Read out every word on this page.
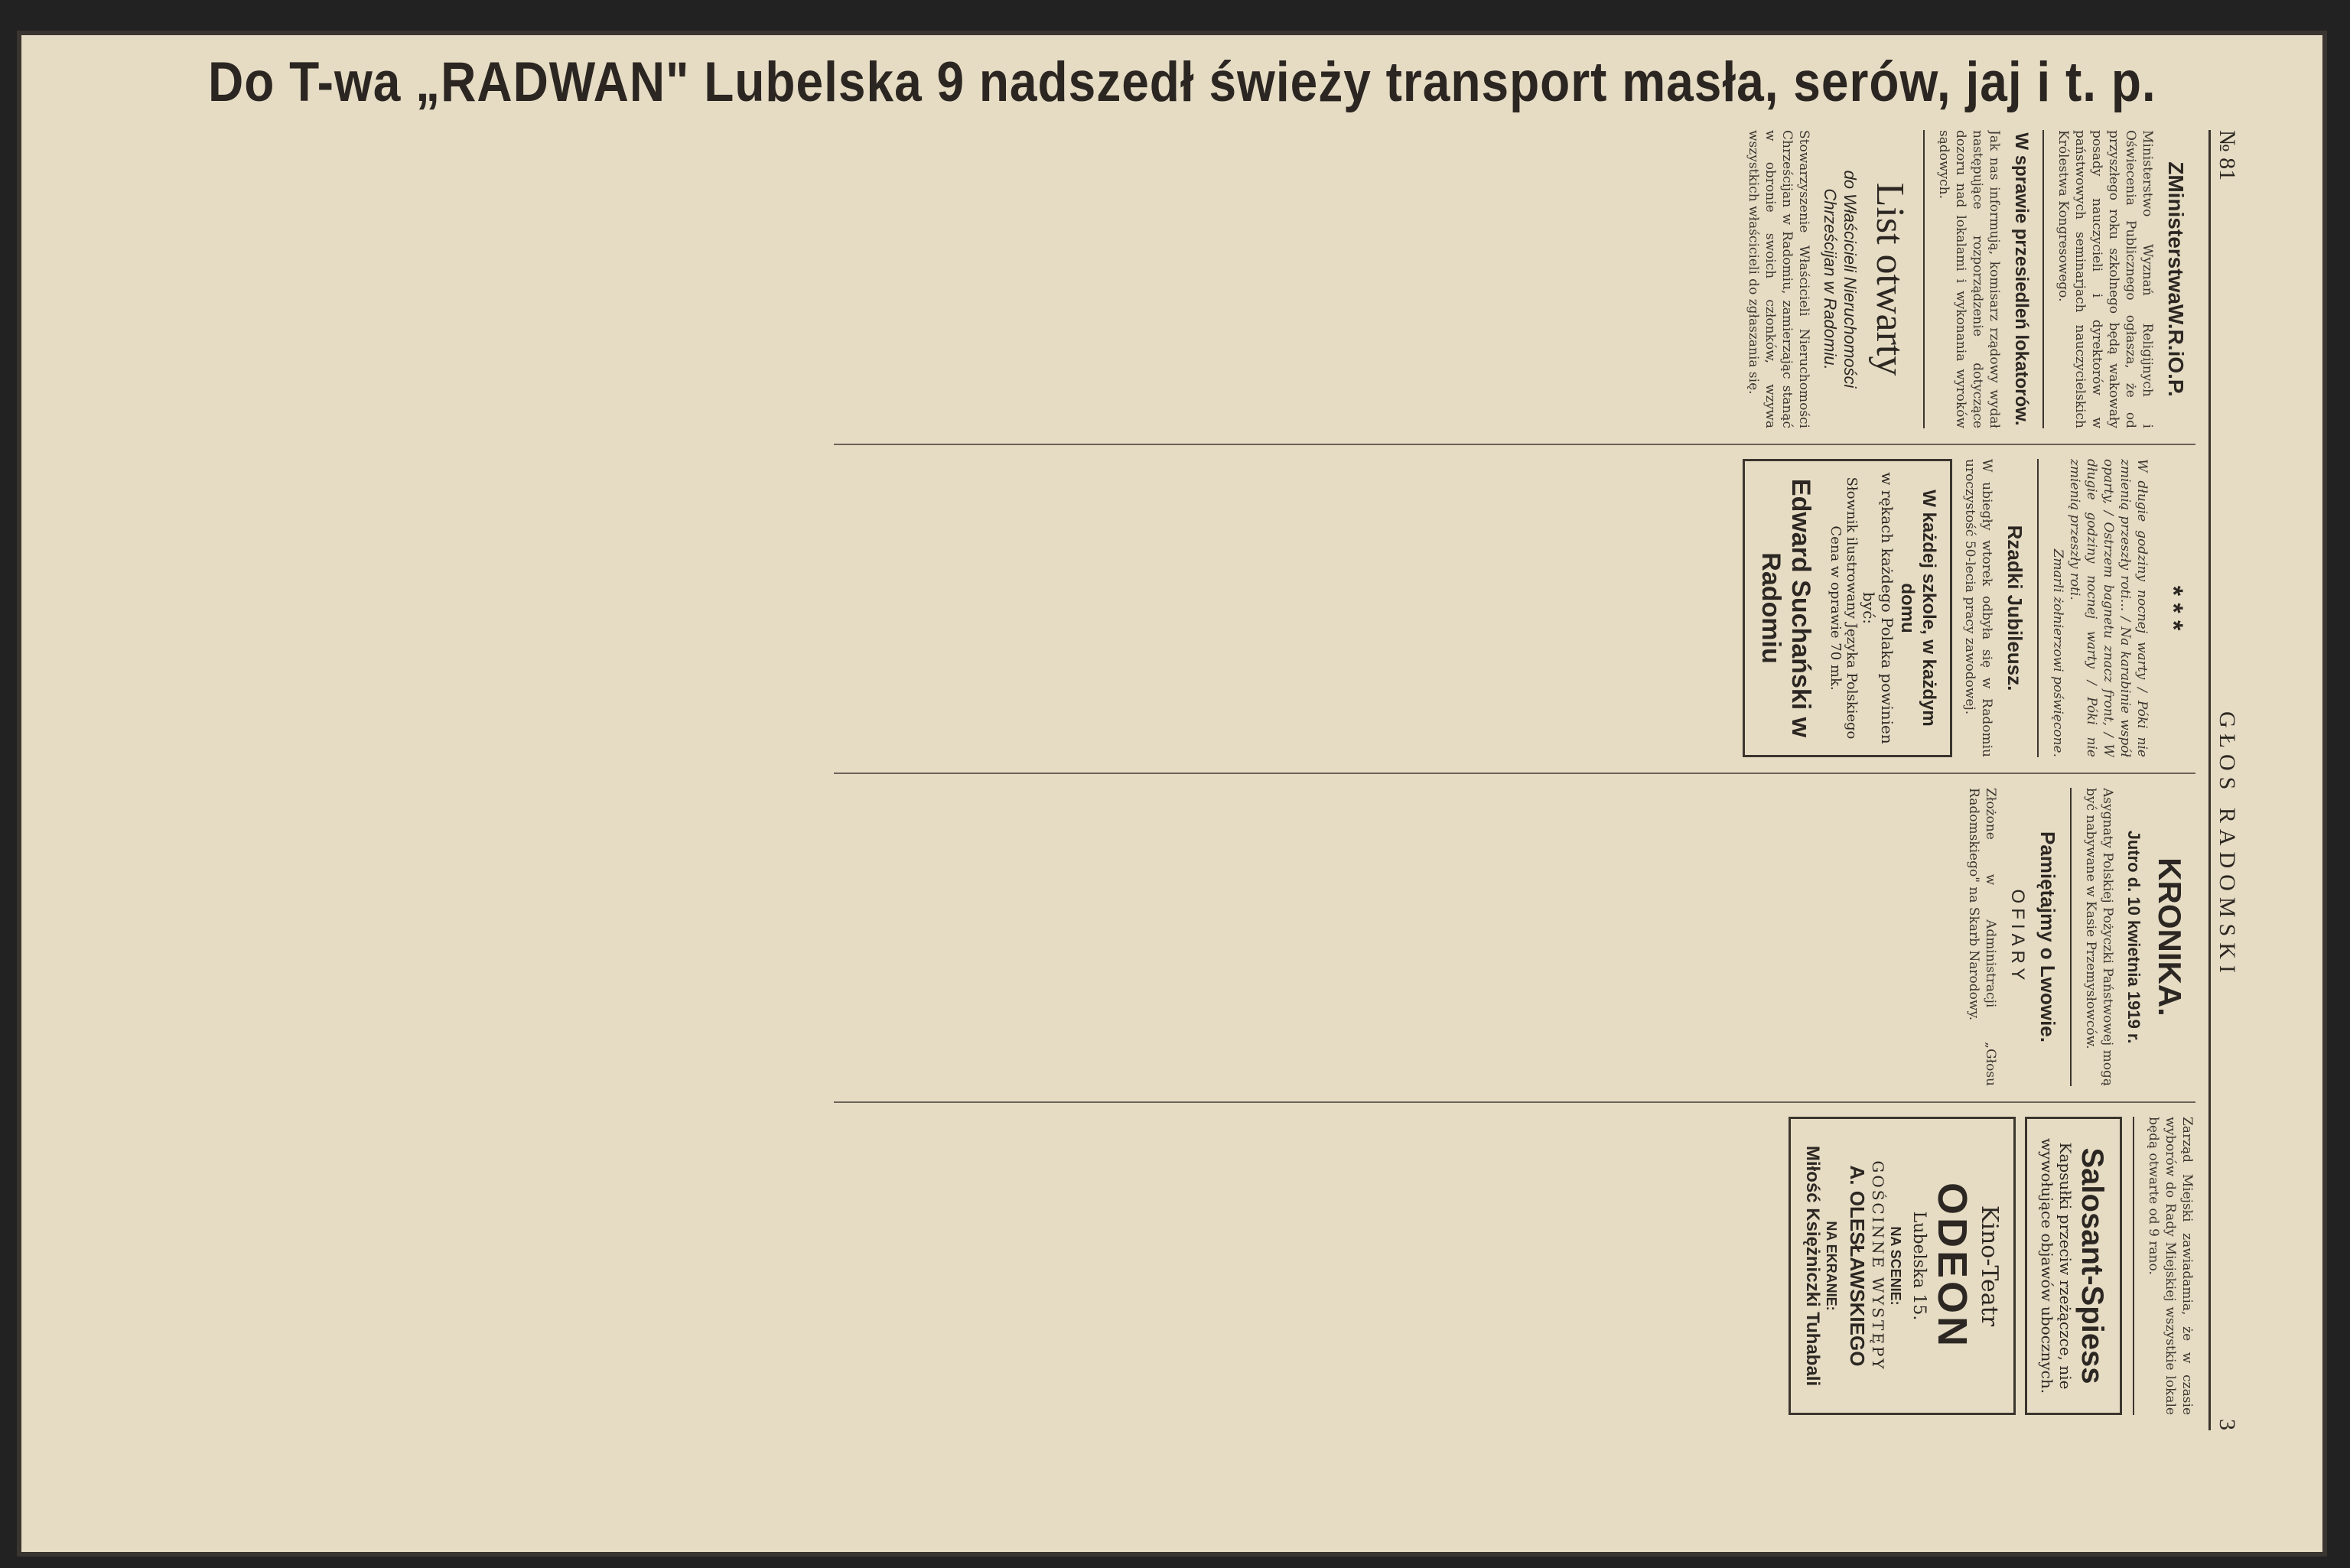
Do T-wa „RADWAN" Lubelska 9 nadszedł świeży transport masła, serów, jaj i t. p.
№ 81
GŁOS RADOMSKI
3
ZMinisterstwaW.R.iO.P.
Ministerstwo Wyznań Religijnych i Oświecenia Publicznego ogłasza, że od przyszłego roku szkolnego będą wakowały posady nauczycieli i dyrektorów w państwowych seminarjach nauczycielskich Królestwa Kongresowego.
W sprawie przesiedleń lokatorów.
Jak nas informują, komisarz rządowy wydał następujące rozporządzenie dotyczące dozoru nad lokalami i wykonania wyroków sądowych.
List otwarty
do Właścicieli Nieruchomości Chrześcijan w Radomiu.
Stowarzyszenie Właścicieli Nieruchomości Chrześcijan w Radomiu, zamierzając stanąć w obronie swoich członków, wzywa wszystkich właścicieli do zgłaszania się.
* * *
W długie godziny nocnej warty / Póki nie zmienią przeszły roti... / Na karabinie współ oparty, / Ostrzem bagnetu znacz front, / W długie godziny nocnej warty / Póki nie zmienią przeszły roti.
Zmarli żołnierzowi poświęcone.
Rzadki Jubileusz.
W ubiegły wtorek odbyła się w Radomiu uroczystość 50-lecia pracy zawodowej.
W każdej szkole, w każdym domu
w rękach każdego Polaka powinien być:
Słownik ilustrowany Języka Polskiego
Cena w oprawie 70 mk.
Edward Suchański w Radomiu
KRONIKA.
Jutro d. 10 kwietnia 1919 r.
Asygnaty Polskiej Pożyczki Państwowej mogą być nabywane w Kasie Przemysłowców.
Pamiętajmy o Lwowie.
OFIARY
Złożone w Administracji „Głosu Radomskiego" na Skarb Narodowy.
Zarząd Miejski zawiadamia, że w czasie wyborów do Rady Miejskiej wszystkie lokale będą otwarte od 9 rano.
Salosant-Spiess
Kapsułki przeciw rzeżączce, nie wywołujące objawów ubocznych.
Kino-Teatr
ODEON
Lubelska 15.
NA SCENIE:
GOŚCINNE WYSTĘPY
A. OLESŁAWSKIEGO
NA EKRANIE:
Miłość Księżniczki Tuhabali
